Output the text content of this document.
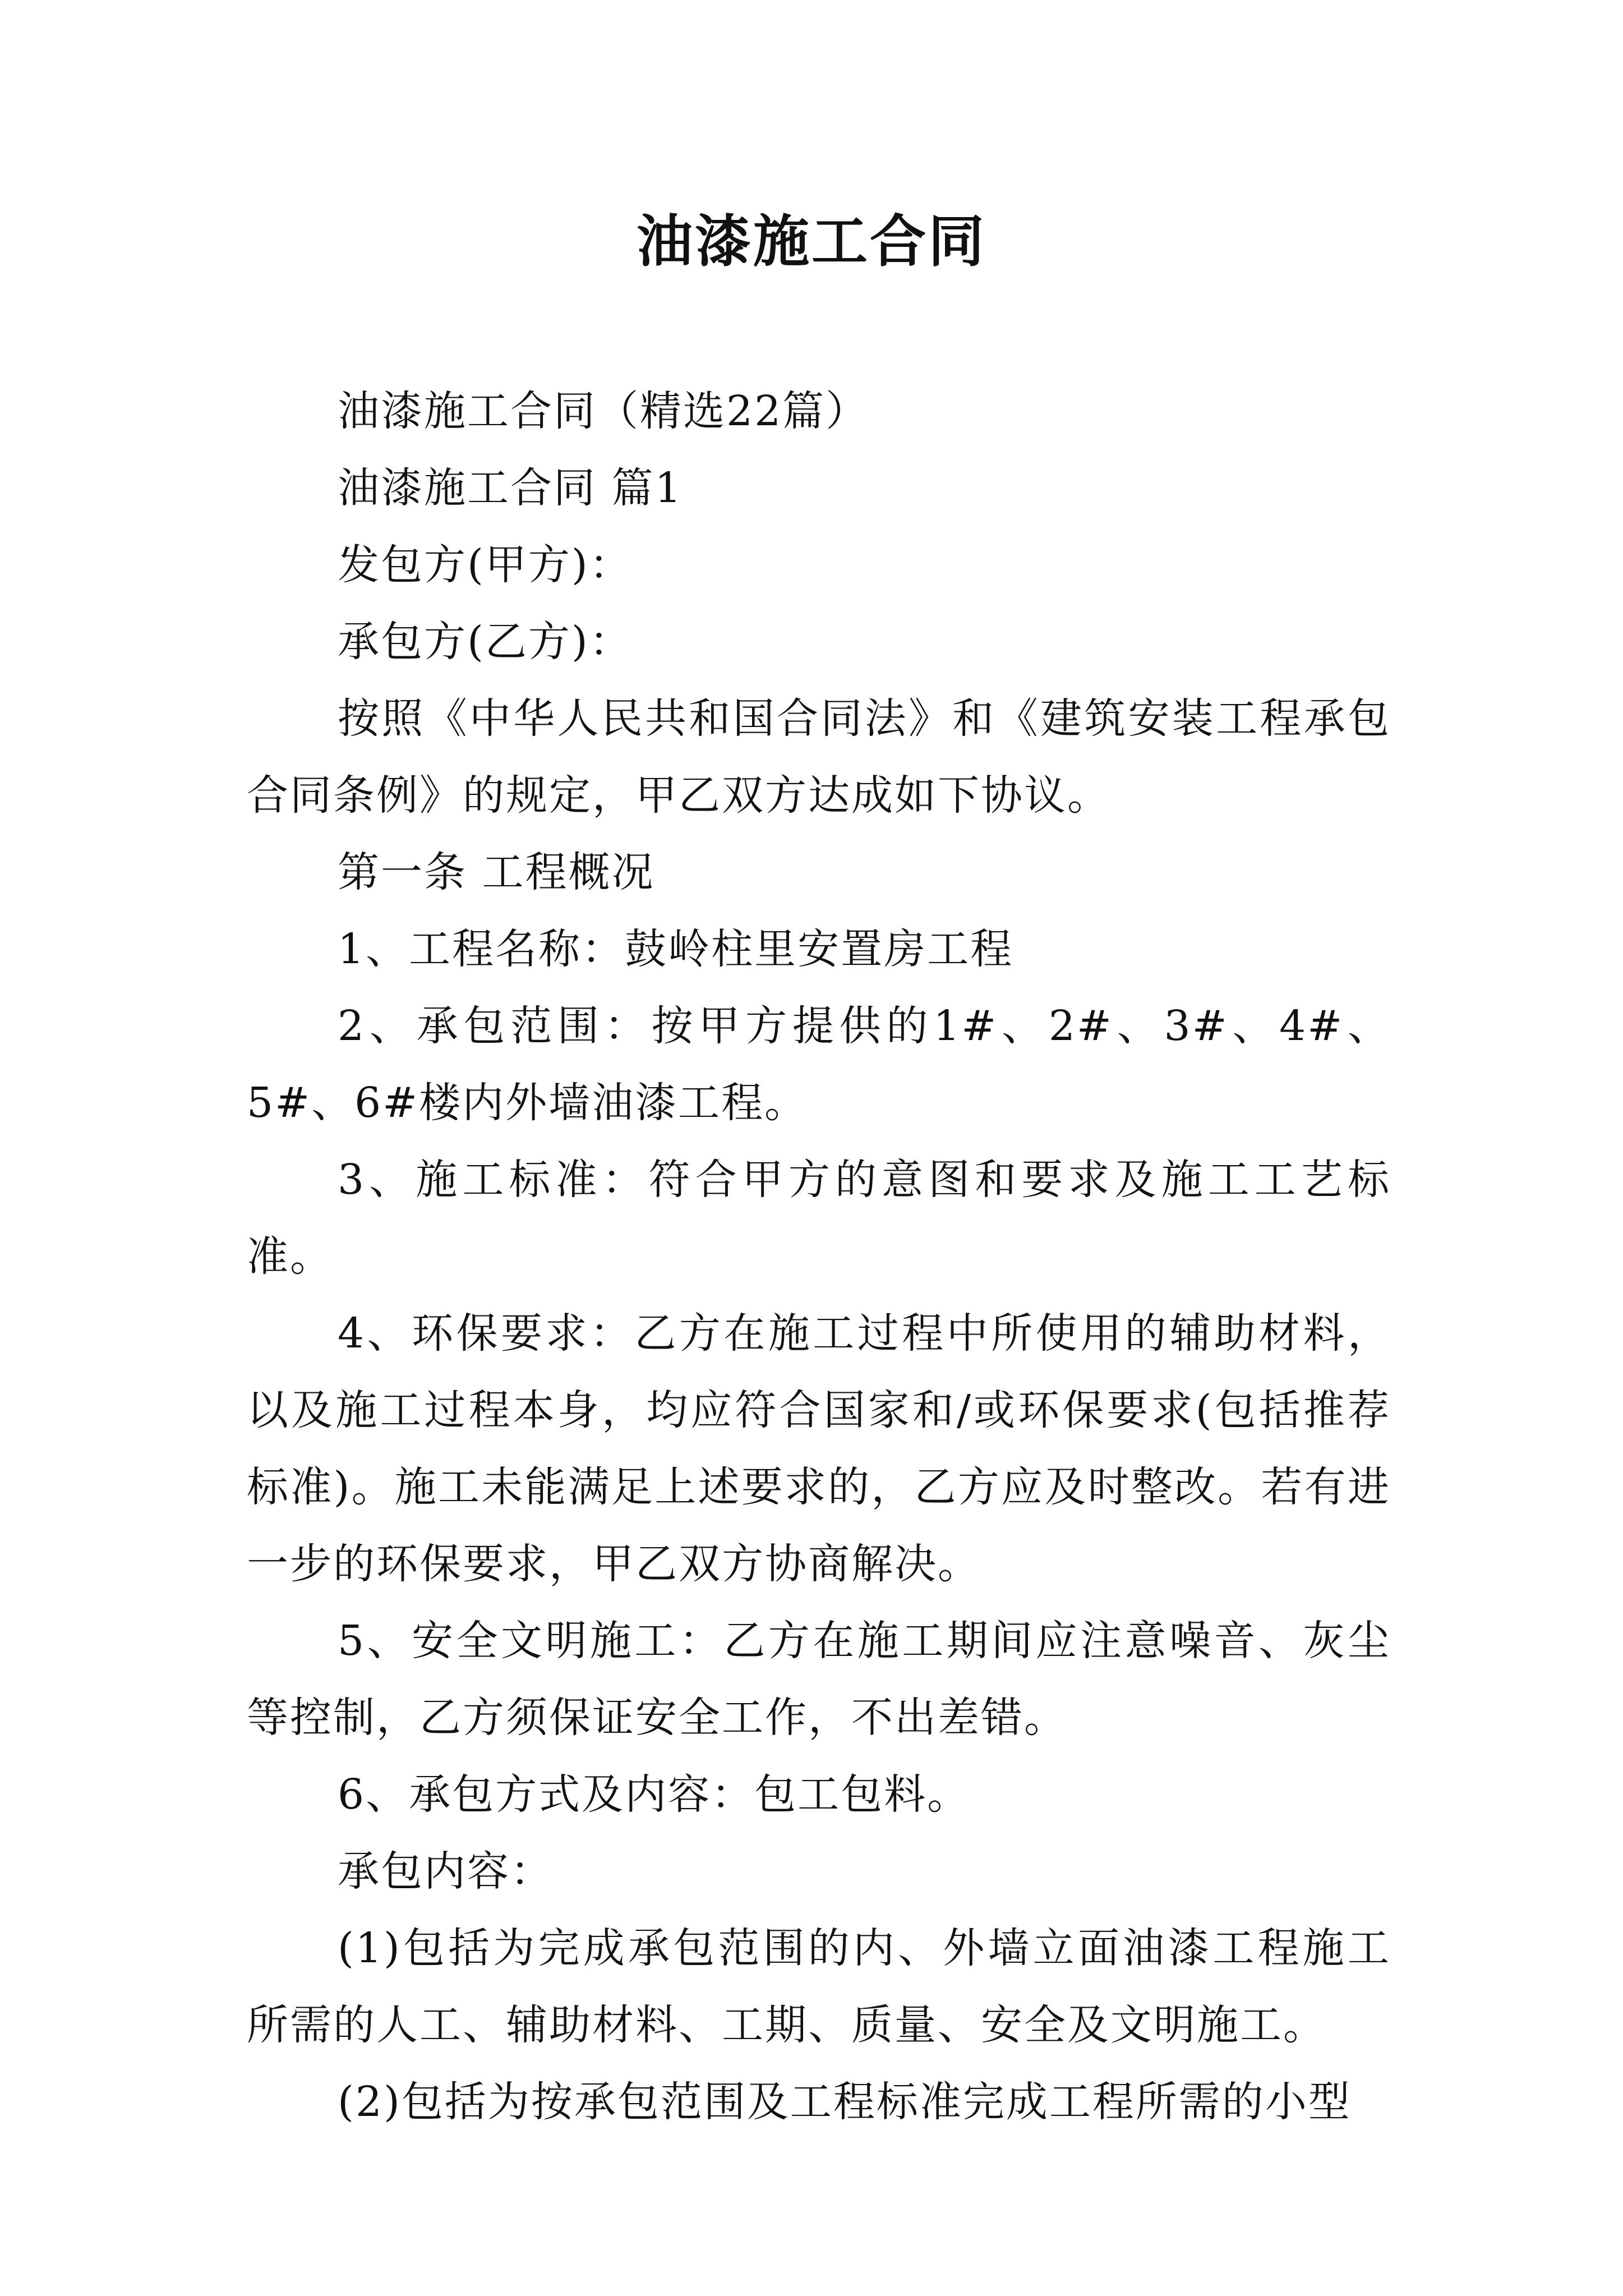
油漆施工合同

油漆施工合同（精选22篇）

油漆施工合同 篇1

发包方(甲方)：

承包方(乙方)：

按照《中华人民共和国合同法》和《建筑安装工程承包合同条例》的规定，甲乙双方达成如下协议。

第一条 工程概况

1、工程名称：鼓岭柱里安置房工程

2、承包范围：按甲方提供的1#、2#、3#、4#、5#、6#楼内外墙油漆工程。

3、施工标准：符合甲方的意图和要求及施工工艺标准。

4、环保要求：乙方在施工过程中所使用的辅助材料，以及施工过程本身，均应符合国家和/或环保要求(包括推荐标准)。施工未能满足上述要求的，乙方应及时整改。若有进一步的环保要求，甲乙双方协商解决。

5、安全文明施工：乙方在施工期间应注意噪音、灰尘等控制，乙方须保证安全工作，不出差错。

6、承包方式及内容：包工包料。

承包内容：

(1)包括为完成承包范围的内、外墙立面油漆工程施工所需的人工、辅助材料、工期、质量、安全及文明施工。

(2)包括为按承包范围及工程标准完成工程所需的小型
